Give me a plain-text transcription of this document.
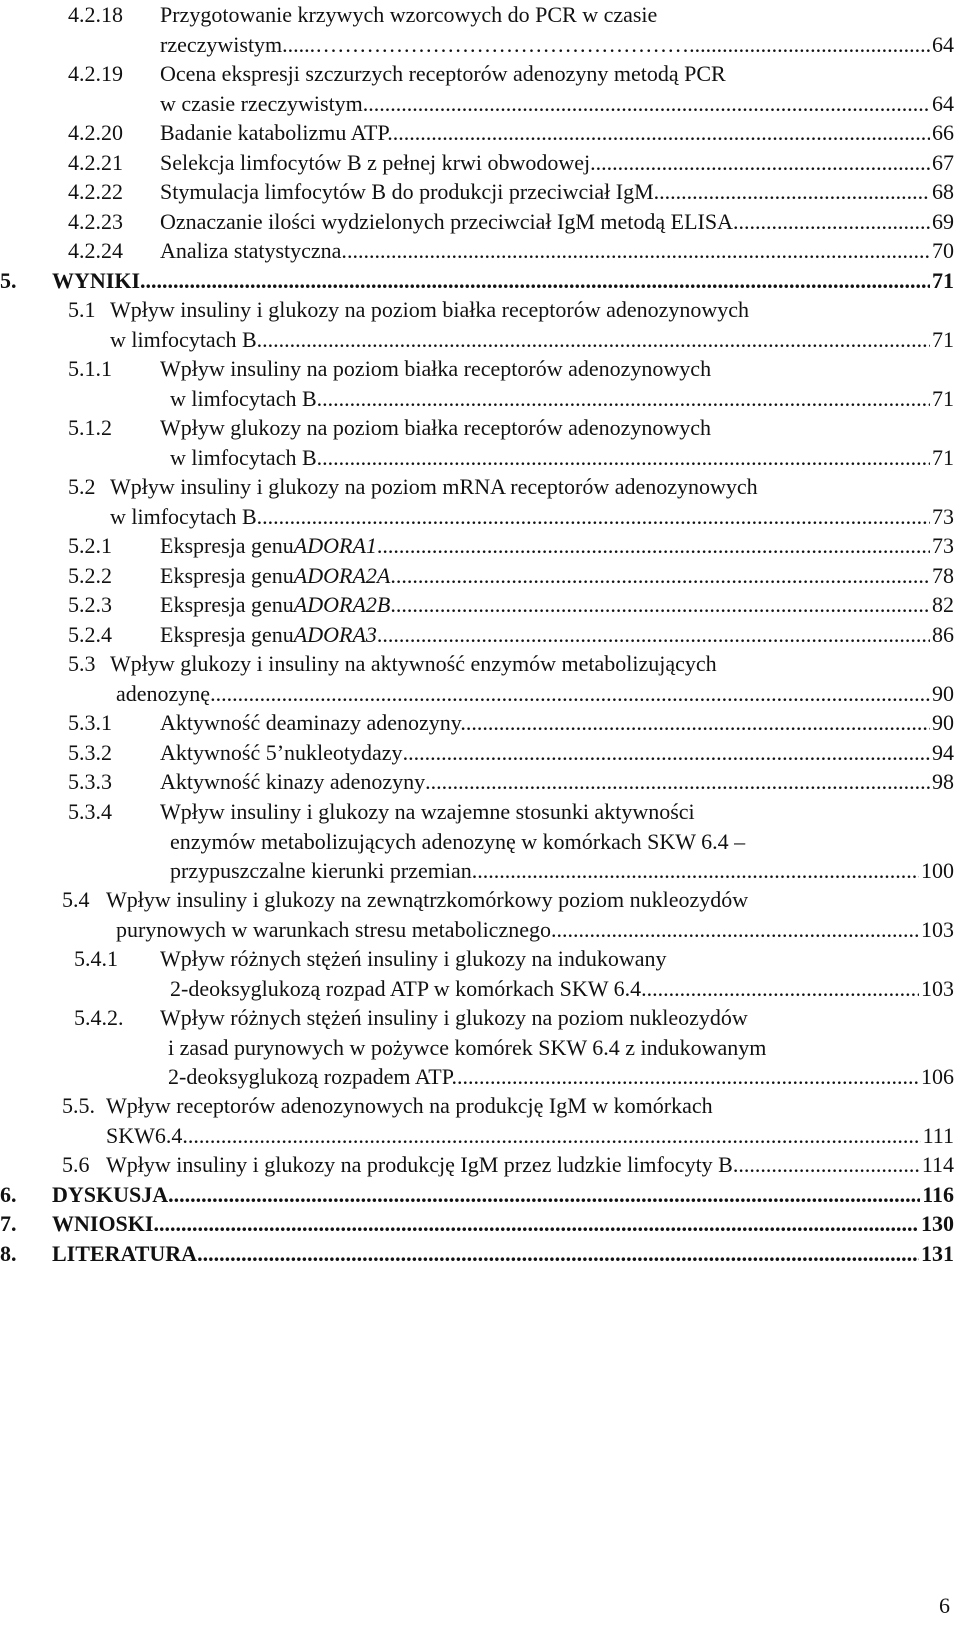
4.2.18 Przygotowanie krzywych wzorcowych do PCR w czasie
rzeczywistym......…………………………………………… .....	64
4.2.19 Ocena ekspresji szczurzych receptorów adenozyny metodą PCR
w czasie rzeczywistym. .....	64
4.2.20 Badanie katabolizmu ATP. .....	66
4.2.21 Selekcja limfocytów B z pełnej krwi obwodowej .....	67
4.2.22 Stymulacja limfocytów B do produkcji przeciwciał IgM. .....	68
4.2.23 Oznaczanie ilości wydzielonych przeciwciał IgM metodą ELISA .....	69
4.2.24 Analiza statystyczna. .....	70
5. WYNIKI .....	71
5.1 Wpływ insuliny i glukozy na poziom białka receptorów adenozynowych
w limfocytach B. .....	71
5.1.1 Wpływ insuliny na poziom białka receptorów adenozynowych
w limfocytach B. .....	71
5.1.2 Wpływ glukozy na poziom białka receptorów adenozynowych
w limfocytach B. .....	71
5.2 Wpływ insuliny i glukozy na poziom mRNA receptorów adenozynowych
w limfocytach B. .....	73
5.2.1 Ekspresja genu ADORA1 . .....	73
5.2.2 Ekspresja genu ADORA2A . .....	78
5.2.3 Ekspresja genu ADORA2B .....	82
5.2.4 Ekspresja genu ADORA3 . .....	86
5.3 Wpływ glukozy i insuliny na aktywność enzymów metabolizujących
adenozynę .....	90
5.3.1 Aktywność deaminazy adenozyny. .....	90
5.3.2 Aktywność 5’nukleotydazy .....	94
5.3.3 Aktywność kinazy adenozyny .....	98
5.3.4 Wpływ insuliny i glukozy na wzajemne stosunki aktywności
enzymów metabolizujących adenozynę w komórkach SKW 6.4 –
przypuszczalne kierunki przemian. .....	100
5.4 Wpływ insuliny i glukozy na zewnątrzkomórkowy poziom nukleozydów
purynowych w warunkach stresu metabolicznego. .....	103
5.4.1 Wpływ różnych stężeń insuliny i glukozy na indukowany
2-deoksyglukozą rozpad ATP w komórkach SKW 6.4. .....	103
5.4.2. Wpływ różnych stężeń insuliny i glukozy na poziom nukleozydów
i zasad purynowych w pożywce komórek SKW 6.4 z indukowanym
2-deoksyglukozą rozpadem ATP. .....	106
5.5. Wpływ receptorów adenozynowych na produkcję IgM w komórkach
SKW6.4. .....	111
5.6 Wpływ insuliny i glukozy na produkcję IgM przez ludzkie limfocyty B .....	114
6. DYSKUSJA .....	116
7. WNIOSKI .....	130
8. LITERATURA .....	131
6
